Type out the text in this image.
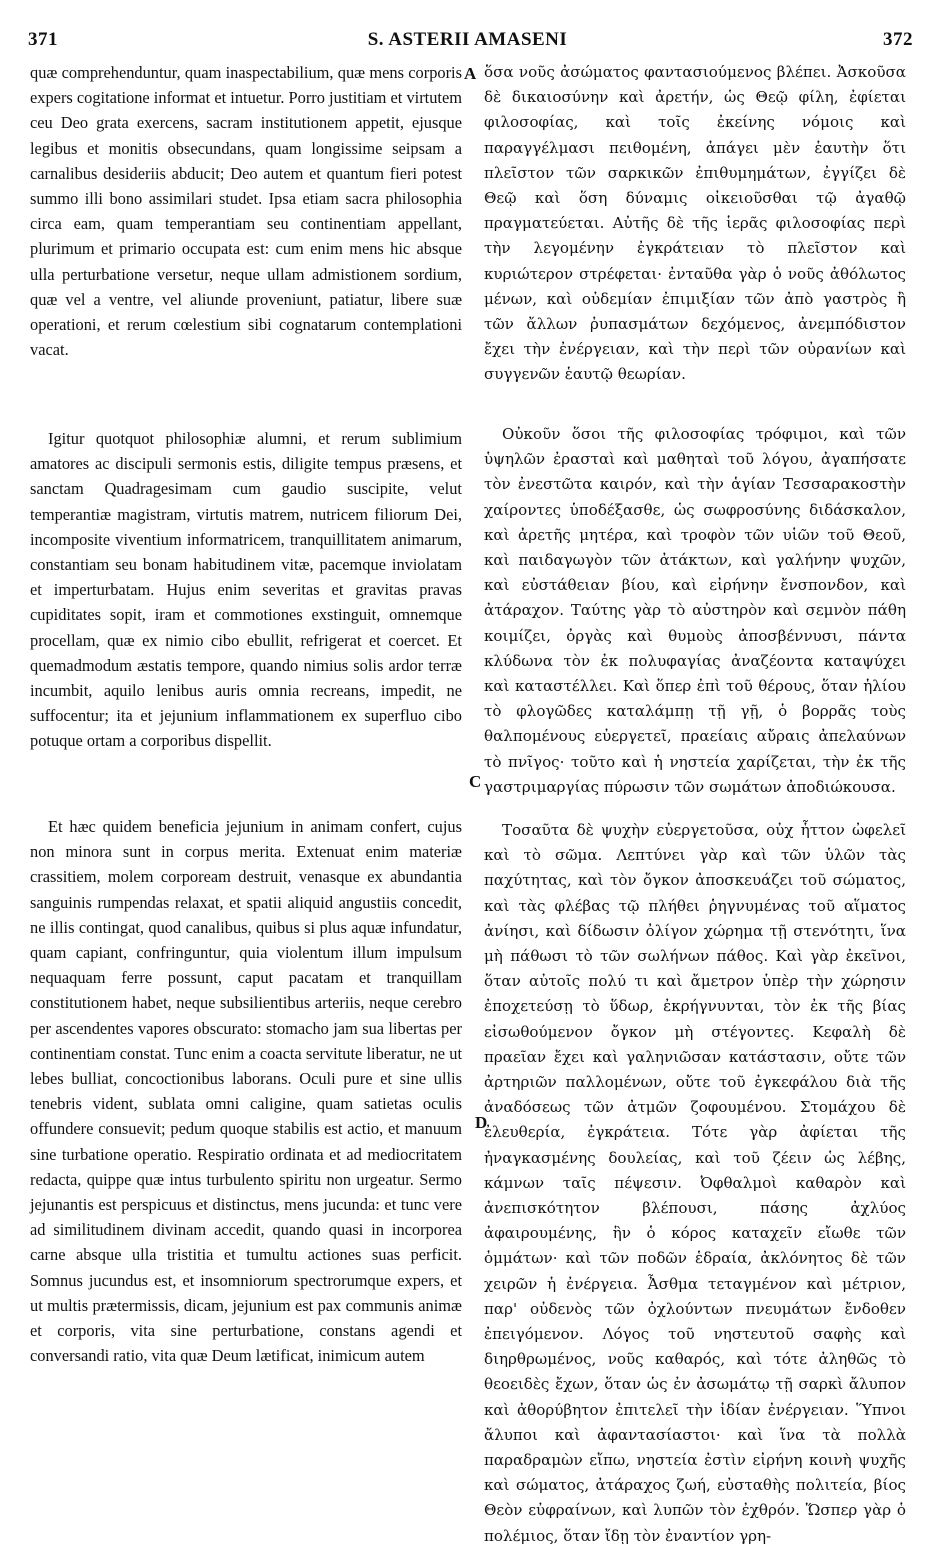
371	S. ASTERII AMASENI	372

quæ comprehenduntur, quam inaspectabilium, quæ mens corporis expers cogitatione informat et intuetur. Porro justitiam et virtutem ceu Deo grata exercens, sacram institutionem appetit, ejusque legibus et monitis obsecundans, quam longissime seipsam a carnalibus desideriis abducit; Deo autem et quantum fieri potest summo illi bono assimilari studet. Ipsa etiam sacra philosophia circa eam, quam temperantiam seu continentiam appellant, plurimum et primario occupata est: cum enim mens hic absque ulla perturbatione versetur, neque ullam admistionem sordium, quæ vel a ventre, vel aliunde proveniunt, patiatur, libere suæ operationi, et rerum cœlestium sibi cognatarum contemplationi vacat.

Igitur quotquot philosophiæ alumni, et rerum sublimium amatores ac discipuli sermonis estis, diligite tempus præsens, et sanctam Quadragesimam cum gaudio suscipite, velut temperantiæ magistram, virtutis matrem, nutricem filiorum Dei, incomposite viventium informatricem, tranquillitatem animarum, constantiam seu bonam habitudinem vitæ, pacemque inviolatam et imperturbatam. Hujus enim severitas et gravitas pravas cupiditates sopit, iram et commotiones exstinguit, omnemque procellam, quæ ex nimio cibo ebullit, refrigerat et coercet. Et quemadmodum æstatis tempore, quando nimius solis ardor terræ incumbit, aquilo lenibus auris omnia recreans, impedit, ne suffocentur; ita et jejunium inflammationem ex superfluo cibo potuque ortam a corporibus dispellit.

Et hæc quidem beneficia jejunium in animam confert, cujus non minora sunt in corpus merita. Extenuat enim materiæ crassitiem, molem corpoream destruit, venasque ex abundantia sanguinis rumpendas relaxat, et spatii aliquid angustiis concedit, ne illis contingat, quod canalibus, quibus si plus aquæ infundatur, quam capiant, confringuntur, quia violentum illum impulsum nequaquam ferre possunt, caput pacatam et tranquillam constitutionem habet, neque subsilientibus arteriis, neque cerebro per ascendentes vapores obscurato: stomacho jam sua libertas per continentiam constat. Tunc enim a coacta servitute liberatur, ne ut lebes bulliat, concoctionibus laborans. Oculi pure et sine ullis tenebris vident, sublata omni caligine, quam satietas oculis offundere consuevit; pedum quoque stabilis est actio, et manuum sine turbatione operatio. Respiratio ordinata et ad mediocritatem redacta, quippe quæ intus turbulento spiritu non urgeatur. Sermo jejunantis est perspicuus et distinctus, mens jucunda: et tunc vere ad similitudinem divinam accedit, quando quasi in incorporea carne absque ulla tristitia et tumultu actiones suas perficit. Somnus jucundus est, et insomniorum spectrorumque expers, et ut multis prætermissis, dicam, jejunium est pax communis animæ et corporis, vita sine perturbatione, constans agendi et conversandi ratio, vita quæ Deum lætificat, inimicum autem

A
C
D

ὅσα νοῦς ἀσώματος φαντασιούμενος βλέπει. Ἀσκοῦσα δὲ δικαιοσύνην καὶ ἀρετήν, ὡς Θεῷ φίλη, ἐφίεται φιλοσοφίας, καὶ τοῖς ἐκείνης νόμοις καὶ παραγγέλμασι πειθομένη, ἀπάγει μὲν ἑαυτὴν ὅτι πλεῖστον τῶν σαρκικῶν ἐπιθυμημάτων, ἐγγίζει δὲ Θεῷ καὶ ὅση δύναμις οἰκειοῦσθαι τῷ ἀγαθῷ πραγματεύεται. Αὐτῆς δὲ τῆς ἱερᾶς φιλοσοφίας περὶ τὴν λεγομένην ἐγκράτειαν τὸ πλεῖστον καὶ κυριώτερον στρέφεται· ἐνταῦθα γὰρ ὁ νοῦς ἀθόλωτος μένων, καὶ οὐδεμίαν ἐπιμιξίαν τῶν ἀπὸ γαστρὸς ἢ τῶν ἄλλων ῥυπασμάτων δεχόμενος, ἀνεμπόδιστον ἔχει τὴν ἐνέργειαν, καὶ τὴν περὶ τῶν οὐρανίων καὶ συγγενῶν ἑαυτῷ θεωρίαν.

Οὐκοῦν ὅσοι τῆς φιλοσοφίας τρόφιμοι, καὶ τῶν ὑψηλῶν ἐρασταὶ καὶ μαθηταὶ τοῦ λόγου, ἀγαπήσατε τὸν ἐνεστῶτα καιρόν, καὶ τὴν ἁγίαν Τεσσαρακοστὴν χαίροντες ὑποδέξασθε, ὡς σωφροσύνης διδάσκαλον, καὶ ἀρετῆς μητέρα, καὶ τροφὸν τῶν υἱῶν τοῦ Θεοῦ, καὶ παιδαγωγὸν τῶν ἀτάκτων, καὶ γαλήνην ψυχῶν, καὶ εὐστάθειαν βίου, καὶ εἰρήνην ἔνσπονδον, καὶ ἀτάραχον. Ταύτης γὰρ τὸ αὐστηρὸν καὶ σεμνὸν πάθη κοιμίζει, ὀργὰς καὶ θυμοὺς ἀποσβέννυσι, πάντα κλύδωνα τὸν ἐκ πολυφαγίας ἀναζέοντα καταψύχει καὶ καταστέλλει. Καὶ ὅπερ ἐπὶ τοῦ θέρους, ὅταν ἡλίου τὸ φλογῶδες καταλάμπῃ τῇ γῇ, ὁ βορρᾶς τοὺς θαλπομένους εὐεργετεῖ, πραείαις αὔραις ἀπελαύνων τὸ πνῖγος· τοῦτο καὶ ἡ νηστεία χαρίζεται, τὴν ἐκ τῆς γαστριμαργίας πύρωσιν τῶν σωμάτων ἀποδιώκουσα.

Τοσαῦτα δὲ ψυχὴν εὐεργετοῦσα, οὐχ ἧττον ὠφελεῖ καὶ τὸ σῶμα. Λεπτύνει γὰρ καὶ τῶν ὑλῶν τὰς παχύτητας, καὶ τὸν ὄγκον ἀποσκευάζει τοῦ σώματος, καὶ τὰς φλέβας τῷ πλήθει ῥηγνυμένας τοῦ αἵματος ἀνίησι, καὶ δίδωσιν ὀλίγον χώρημα τῇ στενότητι, ἵνα μὴ πάθωσι τὸ τῶν σωλήνων πάθος. Καὶ γὰρ ἐκεῖνοι, ὅταν αὐτοῖς πολύ τι καὶ ἄμετρον ὑπὲρ τὴν χώρησιν ἐποχετεύσῃ τὸ ὕδωρ, ἐκρήγνυνται, τὸν ἐκ τῆς βίας εἰσωθούμενον ὄγκον μὴ στέγοντες. Κεφαλὴ δὲ πραεῖαν ἔχει καὶ γαληνιῶσαν κατάστασιν, οὔτε τῶν ἀρτηριῶν παλλομένων, οὔτε τοῦ ἐγκεφάλου διὰ τῆς ἀναδόσεως τῶν ἀτμῶν ζοφουμένου. Στομάχου δὲ ἐλευθερία, ἐγκράτεια. Τότε γὰρ ἀφίεται τῆς ἠναγκασμένης δουλείας, καὶ τοῦ ζέειν ὡς λέβης, κάμνων ταῖς πέψεσιν. Ὀφθαλμοὶ καθαρὸν καὶ ἀνεπισκότητον βλέπουσι, πάσης ἀχλύος ἀφαιρουμένης, ἣν ὁ κόρος καταχεῖν εἴωθε τῶν ὀμμάτων· καὶ τῶν ποδῶν ἑδραία, ἀκλόνητος δὲ τῶν χειρῶν ἡ ἐνέργεια. Ἆσθμα τεταγμένον καὶ μέτριον, παρ' οὐδενὸς τῶν ὀχλούντων πνευμάτων ἔνδοθεν ἐπειγόμενον. Λόγος τοῦ νηστευτοῦ σαφὴς καὶ διηρθρωμένος, νοῦς καθαρός, καὶ τότε ἀληθῶς τὸ θεοειδὲς ἔχων, ὅταν ὡς ἐν ἀσωμάτῳ τῇ σαρκὶ ἄλυπον καὶ ἀθορύβητον ἐπιτελεῖ τὴν ἰδίαν ἐνέργειαν. Ὕπνοι ἄλυποι καὶ ἀφαντασίαστοι· καὶ ἵνα τὰ πολλὰ παραδραμὼν εἴπω, νηστεία ἐστὶν εἰρήνη κοινὴ ψυχῆς καὶ σώματος, ἀτάραχος ζωή, εὐσταθὴς πολιτεία, βίος Θεὸν εὐφραίνων, καὶ λυπῶν τὸν ἐχθρόν. Ὥσπερ γὰρ ὁ πολέμιος, ὅταν ἴδῃ τὸν ἐναντίον γρη-
